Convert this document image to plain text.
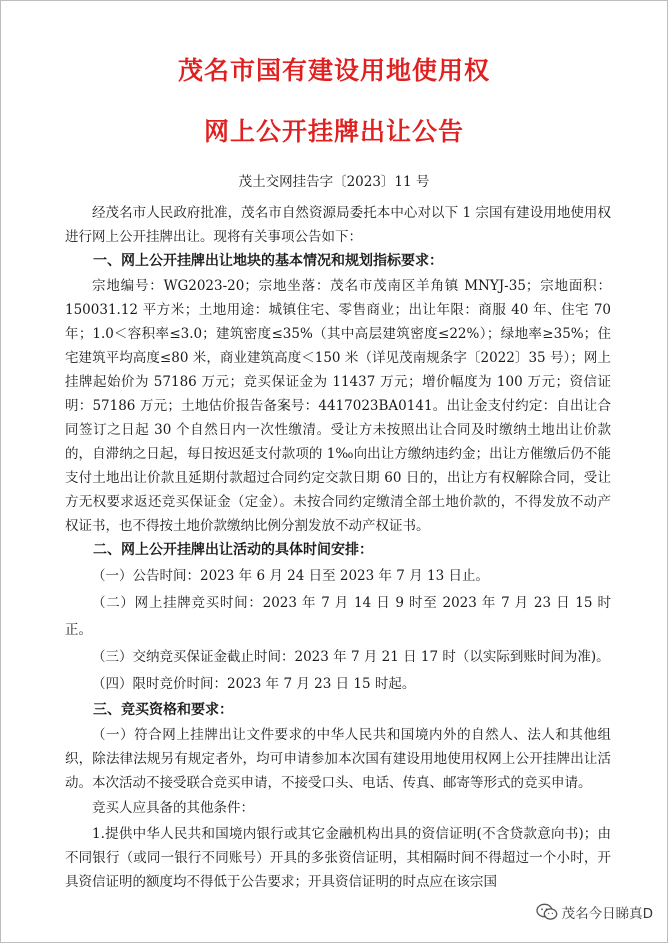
茂名市国有建设用地使用权
网上公开挂牌出让公告
茂土交网挂告字〔2023〕11 号

经茂名市人民政府批准，茂名市自然资源局委托本中心对以下 1 宗国有建设用地使用权进行网上公开挂牌出让。现将有关事项公告如下：

一、网上公开挂牌出让地块的基本情况和规划指标要求：

宗地编号：WG2023-20；宗地坐落：茂名市茂南区羊角镇 MNYJ-35；宗地面积：150031.12 平方米；土地用途：城镇住宅、零售商业；出让年限：商服 40 年、住宅 70 年；1.0＜容积率≤3.0；建筑密度≤35%（其中高层建筑密度≤22%）；绿地率≥35%；住宅建筑平均高度≤80 米，商业建筑高度＜150 米（详见茂南规条字〔2022〕35 号）；网上挂牌起始价为 57186 万元；竞买保证金为 11437 万元；增价幅度为 100 万元；资信证明：57186 万元；土地估价报告备案号：4417023BA0141。出让金支付约定：自出让合同签订之日起 30 个自然日内一次性缴清。受让方未按照出让合同及时缴纳土地出让价款的，自滞纳之日起，每日按迟延支付款项的 1‰向出让方缴纳违约金；出让方催缴后仍不能支付土地出让价款且延期付款超过合同约定交款日期 60 日的，出让方有权解除合同，受让方无权要求返还竞买保证金（定金）。未按合同约定缴清全部土地价款的，不得发放不动产权证书，也不得按土地价款缴纳比例分割发放不动产权证书。

二、网上公开挂牌出让活动的具体时间安排：

（一）公告时间：2023 年 6 月 24 日至 2023 年 7 月 13 日止。

（二）网上挂牌竞买时间：2023 年 7 月 14 日 9 时至 2023 年 7 月 23 日 15 时正。

（三）交纳竞买保证金截止时间：2023 年 7 月 21 日 17 时（以实际到账时间为准)。

（四）限时竞价时间：2023 年 7 月 23 日 15 时起。

三、竞买资格和要求：

（一）符合网上挂牌出让文件要求的中华人民共和国境内外的自然人、法人和其他组织，除法律法规另有规定者外，均可申请参加本次国有建设用地使用权网上公开挂牌出让活动。本次活动不接受联合竞买申请，不接受口头、电话、传真、邮寄等形式的竞买申请。

竞买人应具备的其他条件：

1.提供中华人民共和国境内银行或其它金融机构出具的资信证明(不含贷款意向书)；由不同银行（或同一银行不同账号）开具的多张资信证明，其相隔时间不得超过一个小时，开具资信证明的额度均不得低于公告要求；开具资信证明的时点应在该宗国

茂名今日睇真D
